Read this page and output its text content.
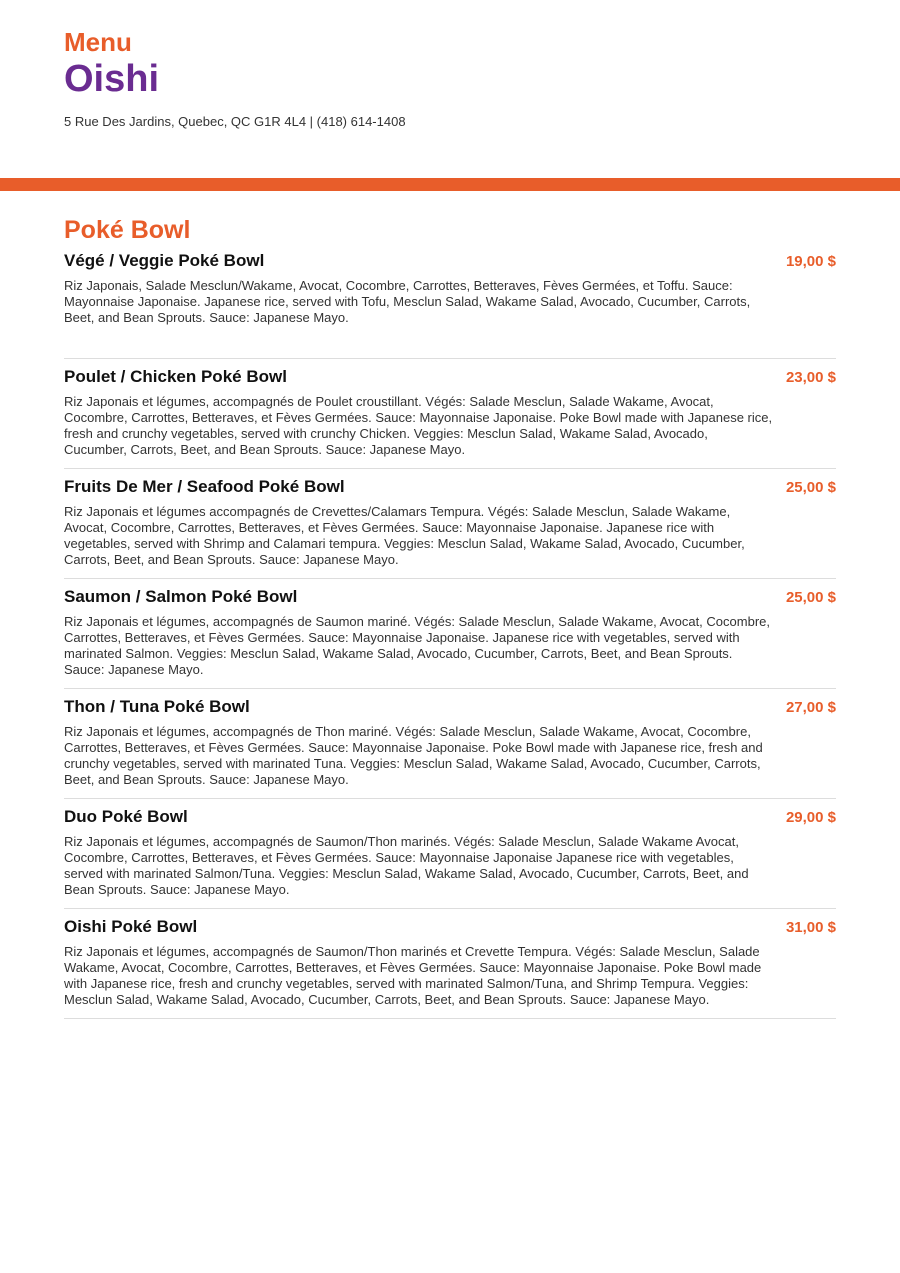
Menu
Oishi
5 Rue Des Jardins, Quebec, QC G1R 4L4 | (418) 614-1408
Poké Bowl
Végé / Veggie Poké Bowl	19,00 $
Riz Japonais, Salade Mesclun/Wakame, Avocat, Cocombre, Carrottes, Betteraves, Fèves Germées, et Toffu. Sauce: Mayonnaise Japonaise. Japanese rice, served with Tofu, Mesclun Salad, Wakame Salad, Avocado, Cucumber, Carrots, Beet, and Bean Sprouts. Sauce: Japanese Mayo.
Poulet / Chicken Poké Bowl	23,00 $
Riz Japonais et légumes, accompagnés de Poulet croustillant. Végés: Salade Mesclun, Salade Wakame, Avocat, Cocombre, Carrottes, Betteraves, et Fèves Germées. Sauce: Mayonnaise Japonaise. Poke Bowl made with Japanese rice, fresh and crunchy vegetables, served with crunchy Chicken. Veggies: Mesclun Salad, Wakame Salad, Avocado, Cucumber, Carrots, Beet, and Bean Sprouts. Sauce: Japanese Mayo.
Fruits De Mer / Seafood Poké Bowl	25,00 $
Riz Japonais et légumes accompagnés de Crevettes/Calamars Tempura. Végés: Salade Mesclun, Salade Wakame, Avocat, Cocombre, Carrottes, Betteraves, et Fèves Germées. Sauce: Mayonnaise Japonaise. Japanese rice with vegetables, served with Shrimp and Calamari tempura. Veggies: Mesclun Salad, Wakame Salad, Avocado, Cucumber, Carrots, Beet, and Bean Sprouts. Sauce: Japanese Mayo.
Saumon / Salmon Poké Bowl	25,00 $
Riz Japonais et légumes, accompagnés de Saumon mariné. Végés: Salade Mesclun, Salade Wakame, Avocat, Cocombre, Carrottes, Betteraves, et Fèves Germées. Sauce: Mayonnaise Japonaise. Japanese rice with vegetables, served with marinated Salmon. Veggies: Mesclun Salad, Wakame Salad, Avocado, Cucumber, Carrots, Beet, and Bean Sprouts. Sauce: Japanese Mayo.
Thon / Tuna Poké Bowl	27,00 $
Riz Japonais et légumes, accompagnés de Thon mariné. Végés: Salade Mesclun, Salade Wakame, Avocat, Cocombre, Carrottes, Betteraves, et Fèves Germées. Sauce: Mayonnaise Japonaise. Poke Bowl made with Japanese rice, fresh and crunchy vegetables, served with marinated Tuna. Veggies: Mesclun Salad, Wakame Salad, Avocado, Cucumber, Carrots, Beet, and Bean Sprouts. Sauce: Japanese Mayo.
Duo Poké Bowl	29,00 $
Riz Japonais et légumes, accompagnés de Saumon/Thon marinés. Végés: Salade Mesclun, Salade Wakame Avocat, Cocombre, Carrottes, Betteraves, et Fèves Germées. Sauce: Mayonnaise Japonaise Japanese rice with vegetables, served with marinated Salmon/Tuna. Veggies: Mesclun Salad, Wakame Salad, Avocado, Cucumber, Carrots, Beet, and Bean Sprouts. Sauce: Japanese Mayo.
Oishi Poké Bowl	31,00 $
Riz Japonais et légumes, accompagnés de Saumon/Thon marinés et Crevette Tempura. Végés: Salade Mesclun, Salade Wakame, Avocat, Cocombre, Carrottes, Betteraves, et Fèves Germées. Sauce: Mayonnaise Japonaise. Poke Bowl made with Japanese rice, fresh and crunchy vegetables, served with marinated Salmon/Tuna, and Shrimp Tempura. Veggies: Mesclun Salad, Wakame Salad, Avocado, Cucumber, Carrots, Beet, and Bean Sprouts. Sauce: Japanese Mayo.
